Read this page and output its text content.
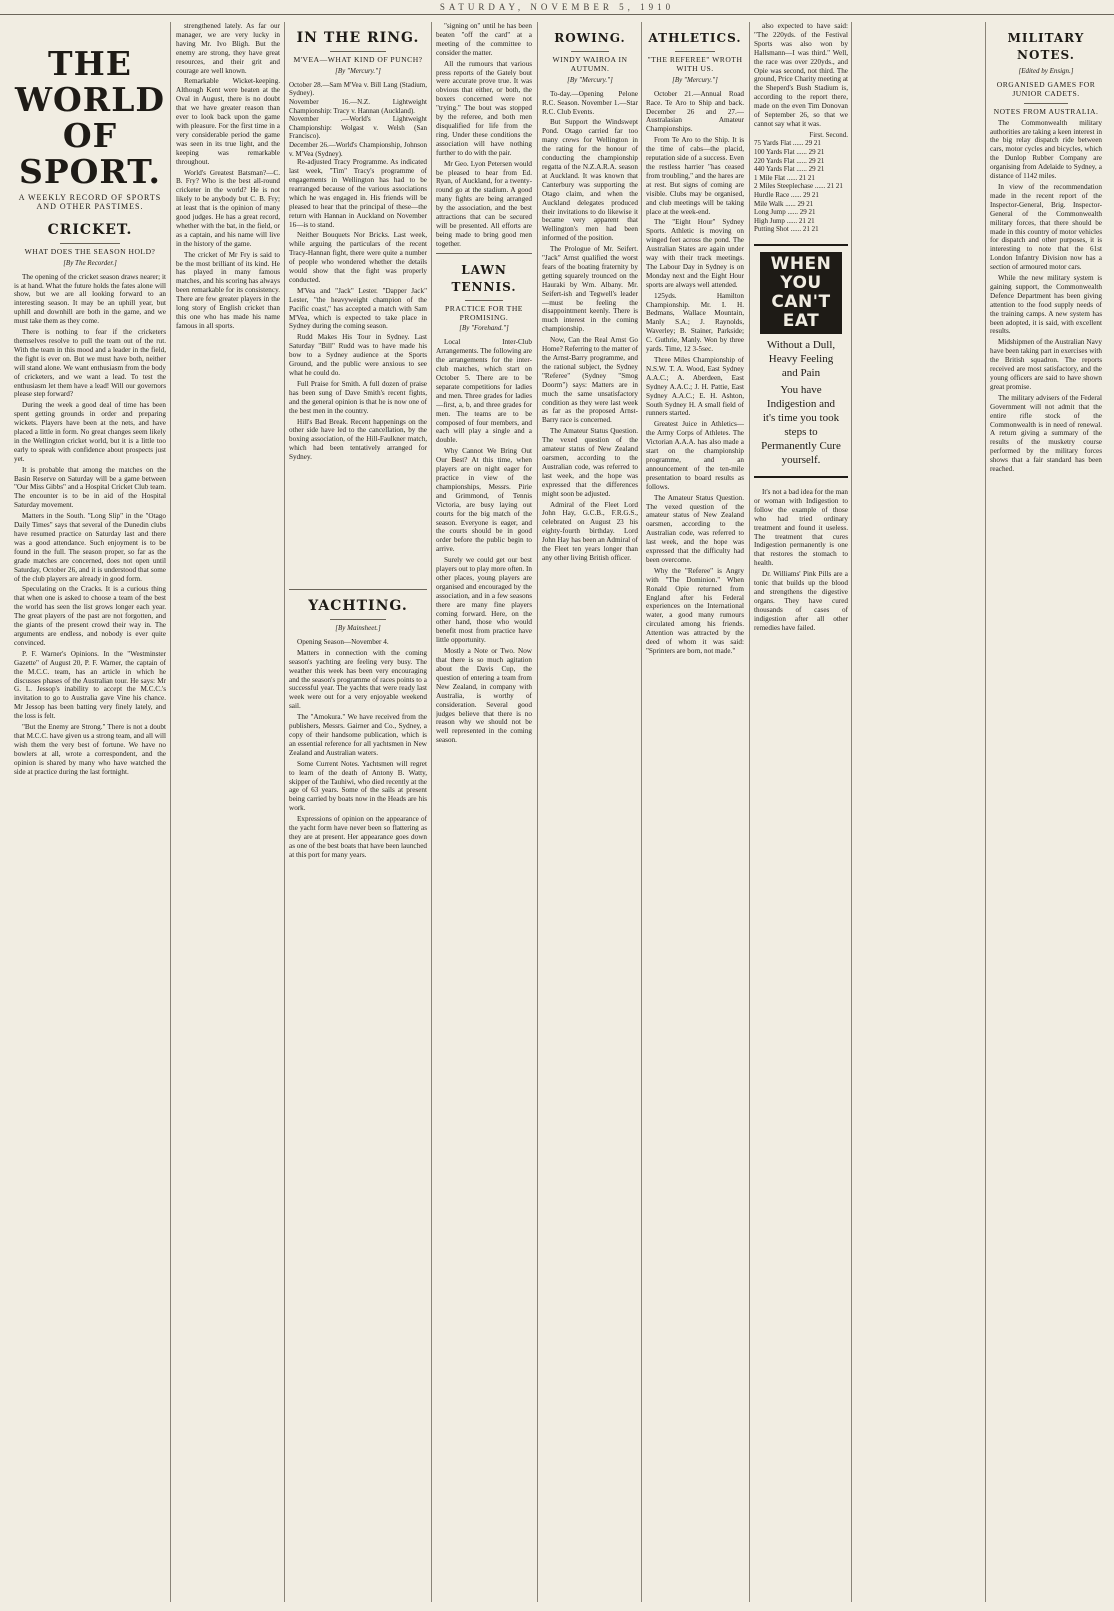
SATURDAY, NOVEMBER 5, 1910
THE WORLD OF SPORT.
A WEEKLY RECORD OF SPORTS AND OTHER PASTIMES.
CRICKET.
WHAT DOES THE SEASON HOLD?
[By The Recorder.]

The opening of the cricket season draws nearer; it is at hand. What the future holds the fates alone will show, but we are all looking forward to an interesting season. It may be an uphill year, but uphill and downhill are both in the game, and we must take them as they come.

There is nothing to fear if the cricketers themselves resolve to pull the team out of the rut. With the team in this mood and a leader in the field, the fight is ever on. But we must have both, neither will stand alone. We want enthusiasm from the body of cricketers, and we want a lead. To test the enthusiasm let them have a lead! Will our governors please step forward?

During the week a good deal of time has been spent getting grounds in order and preparing wickets. Players have been at the nets, and have placed a little in form. No great changes seem likely in the Wellington cricket world, but it is a little too early to speak with confidence about prospects just yet.

It is probable that among the matches on the Basin Reserve on Saturday will be a game between "Our Miss Gibbs" and a Hospital Cricket Club team. The encounter is to be in aid of the Hospital Saturday movement.

Matters in the South. "Long Slip" in the "Otago Daily Times" says that several of the Dunedin clubs have resumed practice on Saturday last and there was a good attendance. Such enjoyment is to be found in the full. The season proper, so far as the grade matches are concerned, does not open until Saturday, October 26, and it is understood that some of the club players are already in good form.

Speculating on the Cracks. It is a curious thing that when one is asked to choose a team of the best the world has seen the list grows longer each year. The great players of the past are not forgotten, and the giants of the present crowd their way in. The arguments are endless, and nobody is ever quite convinced.

P. F. Warner's Opinions. In the "Westminster Gazette" of August 20, P. F. Warner, the captain of the M.C.C. team, has an article in which he discusses phases of the Australian tour. He says: Mr G. L. Jessop's inability to accept the M.C.C.'s invitation to go to Australia gave Vine his chance. Mr Jessop has been batting very finely lately, and the loss is felt.

"But the Enemy are Strong." There is not a doubt that M.C.C. have given us a strong team, and all will wish them the very best of fortune. We have no bowlers at all, wrote a correspondent, and the opinion is shared by many who have watched the side at practice during the last fortnight.

strengthened lately. As far our manager, we are very lucky in having Mr. Ivo Bligh. But the enemy are strong, they have great resources, and their grit and courage are well known.

Remarkable Wicket-keeping. Although Kent were beaten at the Oval in August, there is no doubt that we have greater reason than ever to look back upon the game with pleasure. For the first time in a very considerable period the game was seen in its true light, and the keeping was remarkable throughout.

World's Greatest Batsman?—C. B. Fry? Who is the best all-round cricketer in the world? He is not likely to be anybody but C. B. Fry; at least that is the opinion of many good judges. He has a great record, whether with the bat, in the field, or as a captain, and his name will live in the history of the game.

The cricket of Mr Fry is said to be the most brilliant of its kind. He has played in many famous matches, and his scoring has always been remarkable for its consistency. There are few greater players in the long story of English cricket than this one who has made his name famous in all sports.

IN THE RING.
M'VEA—WHAT KIND OF PUNCH?
[By "Mercury."]
October 28.—Sam M'Vea v. Bill Lang (Stadium, Sydney).
November 16.—N.Z. Lightweight Championship: Tracy v. Hannan (Auckland).
November .—World's Lightweight Championship: Wolgast v. Welsh (San Francisco).
December 26.—World's Championship, Johnson v. M'Vea (Sydney).

Re-adjusted Tracy Programme. As indicated last week, "Tim" Tracy's programme of engagements in Wellington has had to be rearranged because of the various associations which he was engaged in. His friends will be pleased to hear that the principal of these—the return with Hannan in Auckland on November 16—is to stand.

Neither Bouquets Nor Bricks. Last week, while arguing the particulars of the recent Tracy-Hannan fight, there were quite a number of people who wondered whether the details would show that the fight was properly conducted.

M'Vea and "Jack" Lester. "Dapper Jack" Lester, "the heavyweight champion of the Pacific coast," has accepted a match with Sam M'Vea, which is expected to take place in Sydney during the coming season.

Rudd Makes His Tour in Sydney. Last Saturday "Bill" Rudd was to have made his bow to a Sydney audience at the Sports Ground, and the public were anxious to see what he could do.

Full Praise for Smith. A full dozen of praise has been sung of Dave Smith's recent fights, and the general opinion is that he is now one of the best men in the country.

Hill's Bad Break. Recent happenings on the other side have led to the cancellation, by the boxing association, of the Hill-Faulkner match, which had been tentatively arranged for Sydney.

YACHTING.
[By Mainsheet.]

Opening Season—November 4.

Matters in connection with the coming season's yachting are feeling very busy. The weather this week has been very encouraging and the season's programme of races points to a successful year. The yachts that were ready last week were out for a very enjoyable weekend sail.

The "Amokura." We have received from the publishers, Messrs. Gairner and Co., Sydney, a copy of their handsome publication, which is an essential reference for all yachtsmen in New Zealand and Australian waters.

Some Current Notes. Yachtsmen will regret to learn of the death of Antony B. Watty, skipper of the Tauhiwi, who died recently at the age of 63 years. Some of the sails at present being carried by boats now in the Heads are his work.

Expressions of opinion on the appearance of the yacht form have never been so flattering as they are at present. Her appearance goes down as one of the best boats that have been launched at this port for many years.

"signing on" until he has been beaten "off the card" at a meeting of the committee to consider the matter.

All the rumours that various press reports of the Gately bout were accurate prove true. It was obvious that either, or both, the boxers concerned were not "trying." The bout was stopped by the referee, and both men disqualified for life from the ring. Under these conditions the association will have nothing further to do with the pair.

Mr Geo. Lyon Petersen would be pleased to hear from Ed. Ryan, of Auckland, for a twenty-round go at the stadium. A good many fights are being arranged by the association, and the best attractions that can be secured will be presented. All efforts are being made to bring good men together.

LAWN TENNIS.
PRACTICE FOR THE PROMISING.
[By "Forehand."]

Local Inter-Club Arrangements. The following are the arrangements for the inter-club matches, which start on October 5. There are to be separate competitions for ladies and men. Three grades for ladies—first, a, b, and three grades for men. The teams are to be composed of four members, and each will play a single and a double.

Why Cannot We Bring Out Our Best? At this time, when players are on night eager for practice in view of the championships, Messrs. Pirie and Grimmond, of Tennis Victoria, are busy laying out courts for the big match of the season. Everyone is eager, and the courts should be in good order before the public begin to arrive.

Surely we could get our best players out to play more often. In other places, young players are organised and encouraged by the association, and in a few seasons there are many fine players coming forward. Here, on the other hand, those who would benefit most from practice have little opportunity.

Mostly a Note or Two. Now that there is so much agitation about the Davis Cup, the question of entering a team from New Zealand, in company with Australia, is worthy of consideration. Several good judges believe that there is no reason why we should not be well represented in the coming season.

ROWING.
WINDY WAIROA IN AUTUMN.
[By "Mercury."]

To-day.—Opening Pelone R.C. Season. November 1.—Star R.C. Club Events.

But Support the Windswept Pond. Otago carried far too many crews for Wellington in the rating for the honour of conducting the championship regatta of the N.Z.A.R.A. season at Auckland. It was known that Canterbury was supporting the Otago claim, and when the Auckland delegates produced their invitations to do likewise it became very apparent that Wellington's men had been informed of the position.

The Prologue of Mr. Seifert. "Jack" Arnst qualified the worst fears of the boating fraternity by getting squarely trounced on the Hauraki by Wm. Albany. Mr. Seifert-ish and Tegwell's leader—must be feeling the disappointment keenly. There is much interest in the coming championship.

Now, Can the Real Arnst Go Home? Referring to the matter of the Arnst-Barry programme, and the rational subject, the Sydney "Referee" (Sydney "Smog Doorm") says: Matters are in much the same unsatisfactory condition as they were last week as far as the proposed Arnst-Barry race is concerned.

The Amateur Status Question. The vexed question of the amateur status of New Zealand oarsmen, according to the Australian code, was referred to last week, and the hope was expressed that the differences might soon be adjusted.

Admiral of the Fleet Lord John Hay, G.C.B., F.R.G.S., celebrated on August 23 his eighty-fourth birthday. Lord John Hay has been an Admiral of the Fleet ten years longer than any other living British officer.

ATHLETICS.
"THE REFEREE" WROTH WITH US.
[By "Mercury."]

October 21.—Annual Road Race. Te Aro to Ship and back. December 26 and 27.—Australasian Amateur Championships.

From Te Aro to the Ship. It is the time of cabs—the placid, reputation side of a success. Even the restless harrier "has ceased from troubling," and the hares are at rest. But signs of coming are visible. Clubs may be organised, and club meetings will be taking place at the week-end.

The "Eight Hour" Sydney Sports. Athletic is moving on winged feet across the pond. The Australian States are again under way with their track meetings. The Labour Day in Sydney is on Monday next and the Eight Hour sports are always well attended.

125yds. Hamilton Championship. Mr. I. H. Bedmans, Wallace Mountain, Manly S.A.; J. Raynolds, Waverley; B. Stainer, Parkside; C. Guthrie, Manly. Won by three yards. Time, 12 3-5sec.

Three Miles Championship of N.S.W. T. A. Wood, East Sydney A.A.C.; A. Aberdeen, East Sydney A.A.C.; J. H. Pattie, East Sydney A.A.C.; E. H. Ashton, South Sydney H. A small field of runners started.

Greatest Juice in Athletics—the Army Corps of Athletes. The Victorian A.A.A. has also made a start on the championship programme, and an announcement of the ten-mile presentation to board results as follows.

The Amateur Status Question. The vexed question of the amateur status of New Zealand oarsmen, according to the Australian code, was referred to last week, and the hope was expressed that the difficulty had been overcome.

Why the "Referee" is Angry with "The Dominion." When Ronald Opie returned from England after his Federal experiences on the International water, a good many rumours circulated among his friends. Attention was attracted by the deed of whom it was said: "Sprinters are born, not made."

also expected to have said: "The 220yds. of the Festival Sports was also won by Hallsmann—I was third." Well, the race was over 220yds., and Opie was second, not third. The ground, Price Charity meeting at the Sheperd's Bush Stadium is, according to the report there, made on the even Tim Donovan of September 26, so that we cannot say what it was.

First. Second.
75 Yards Flat ...... 29 21
100 Yards Flat ...... 29 21
220 Yards Flat ...... 29 21
440 Yards Flat ...... 29 21
1 Mile Flat ...... 21 21
2 Miles Steeplechase ...... 21 21
Hurdle Race ...... 29 21
Mile Walk ...... 29 21
Long Jump ...... 29 21
High Jump ...... 21 21
Putting Shot ...... 21 21
WHEN YOU CAN'T EAT
Without a Dull, Heavy Feeling and Pain
You have Indigestion and it's time you took steps to Permanently Cure yourself.

It's not a bad idea for the man or woman with Indigestion to follow the example of those who had tried ordinary treatment and found it useless. The treatment that cures Indigestion permanently is one that restores the stomach to health.

Dr. Williams' Pink Pills are a tonic that builds up the blood and strengthens the digestive organs. They have cured thousands of cases of indigestion after all other remedies have failed.

MILITARY NOTES.
[Edited by Ensign.]
ORGANISED GAMES FOR JUNIOR CADETS.
NOTES FROM AUSTRALIA.

The Commonwealth military authorities are taking a keen interest in the big relay dispatch ride between cars, motor cycles and bicycles, which the Dunlop Rubber Company are organising from Adelaide to Sydney, a distance of 1142 miles.

In view of the recommendation made in the recent report of the Inspector-General, Brig. Inspector-General of the Commonwealth military forces, that there should be made in this country of motor vehicles for dispatch and other purposes, it is interesting to note that the 61st London Infantry Division now has a section of armoured motor cars.

While the new military system is gaining support, the Commonwealth Defence Department has been giving attention to the food supply needs of the training camps. A new system has been adopted, it is said, with excellent results.

Midshipmen of the Australian Navy have been taking part in exercises with the British squadron. The reports received are most satisfactory, and the young officers are said to have shown great promise.

The military advisers of the Federal Government will not admit that the entire rifle stock of the Commonwealth is in need of renewal. A return giving a summary of the results of the musketry course performed by the military forces shows that a fair standard has been reached.
